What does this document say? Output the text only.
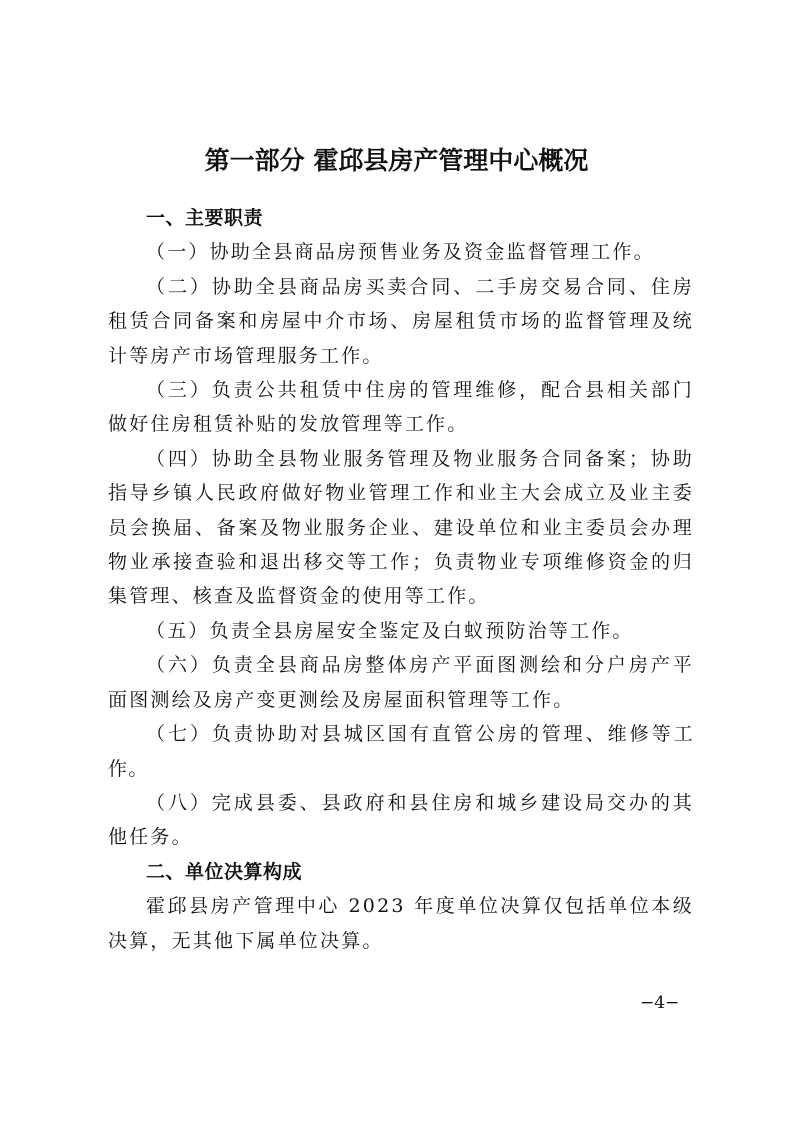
第一部分 霍邱县房产管理中心概况

一、主要职责

（一）协助全县商品房预售业务及资金监督管理工作。

（二）协助全县商品房买卖合同、二手房交易合同、住房租赁合同备案和房屋中介市场、房屋租赁市场的监督管理及统计等房产市场管理服务工作。

（三）负责公共租赁中住房的管理维修，配合县相关部门做好住房租赁补贴的发放管理等工作。

（四）协助全县物业服务管理及物业服务合同备案；协助指导乡镇人民政府做好物业管理工作和业主大会成立及业主委员会换届、备案及物业服务企业、建设单位和业主委员会办理物业承接查验和退出移交等工作；负责物业专项维修资金的归集管理、核查及监督资金的使用等工作。

（五）负责全县房屋安全鉴定及白蚁预防治等工作。

（六）负责全县商品房整体房产平面图测绘和分户房产平面图测绘及房产变更测绘及房屋面积管理等工作。

（七）负责协助对县城区国有直管公房的管理、维修等工作。

（八）完成县委、县政府和县住房和城乡建设局交办的其他任务。

二、单位决算构成

霍邱县房产管理中心 2023 年度单位决算仅包括单位本级决算，无其他下属单位决算。

−4−
